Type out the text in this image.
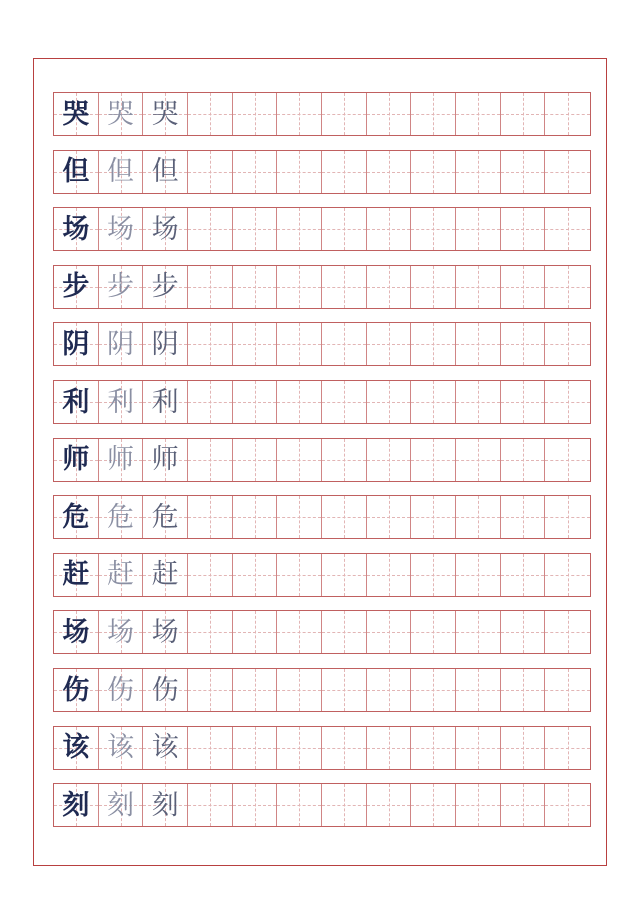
哭 哭 哭
但 但 但
场 场 场
步 步 步
阴 阴 阴
利 利 利
师 师 师
危 危 危
赶 赶 赶
场 场 场
伤 伤 伤
该 该 该
刻 刻 刻
